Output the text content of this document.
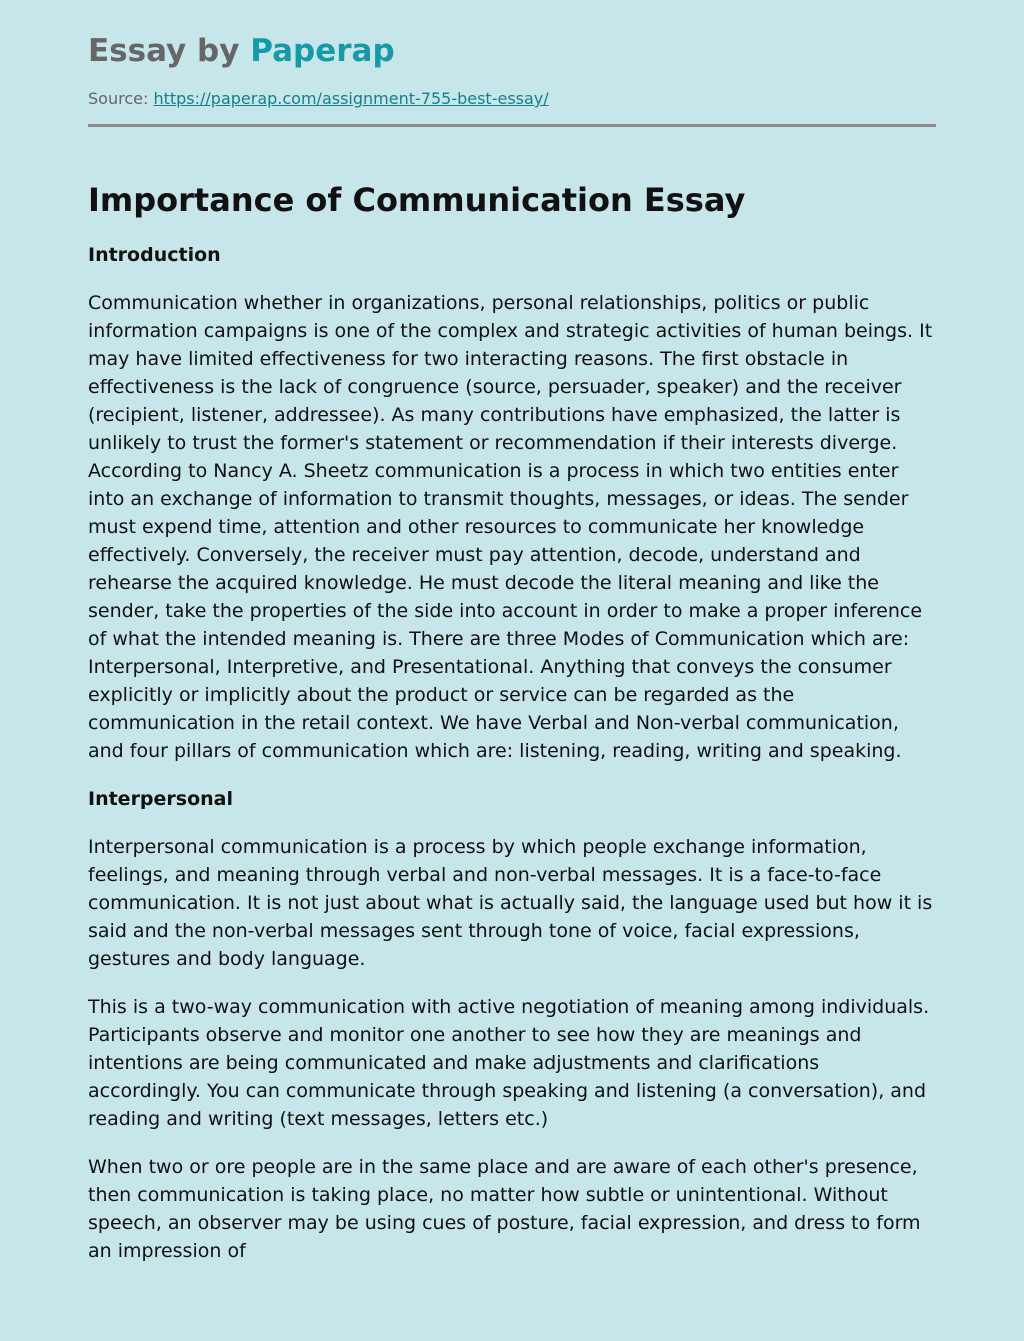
Essay by Paperap
Source: https://paperap.com/assignment-755-best-essay/
Importance of Communication Essay
Introduction

Communication whether in organizations, personal relationships, politics or public information campaigns is one of the complex and strategic activities of human beings. It may have limited effectiveness for two interacting reasons. The first obstacle in effectiveness is the lack of congruence (source, persuader, speaker) and the receiver (recipient, listener, addressee). As many contributions have emphasized, the latter is unlikely to trust the former's statement or recommendation if their interests diverge. According to Nancy A. Sheetz communication is a process in which two entities enter into an exchange of information to transmit thoughts, messages, or ideas. The sender must expend time, attention and other resources to communicate her knowledge effectively. Conversely, the receiver must pay attention, decode, understand and rehearse the acquired knowledge. He must decode the literal meaning and like the sender, take the properties of the side into account in order to make a proper inference of what the intended meaning is. There are three Modes of Communication which are: Interpersonal, Interpretive, and Presentational. Anything that conveys the consumer explicitly or implicitly about the product or service can be regarded as the communication in the retail context. We have Verbal and Non-verbal communication, and four pillars of communication which are: listening, reading, writing and speaking.

Interpersonal

Interpersonal communication is a process by which people exchange information, feelings, and meaning through verbal and non-verbal messages. It is a face-to-face communication. It is not just about what is actually said, the language used but how it is said and the non-verbal messages sent through tone of voice, facial expressions, gestures and body language.

This is a two-way communication with active negotiation of meaning among individuals. Participants observe and monitor one another to see how they are meanings and intentions are being communicated and make adjustments and clarifications accordingly. You can communicate through speaking and listening (a conversation), and reading and writing (text messages, letters etc.)

When two or ore people are in the same place and are aware of each other's presence, then communication is taking place, no matter how subtle or unintentional. Without speech, an observer may be using cues of posture, facial expression, and dress to form an impression of
